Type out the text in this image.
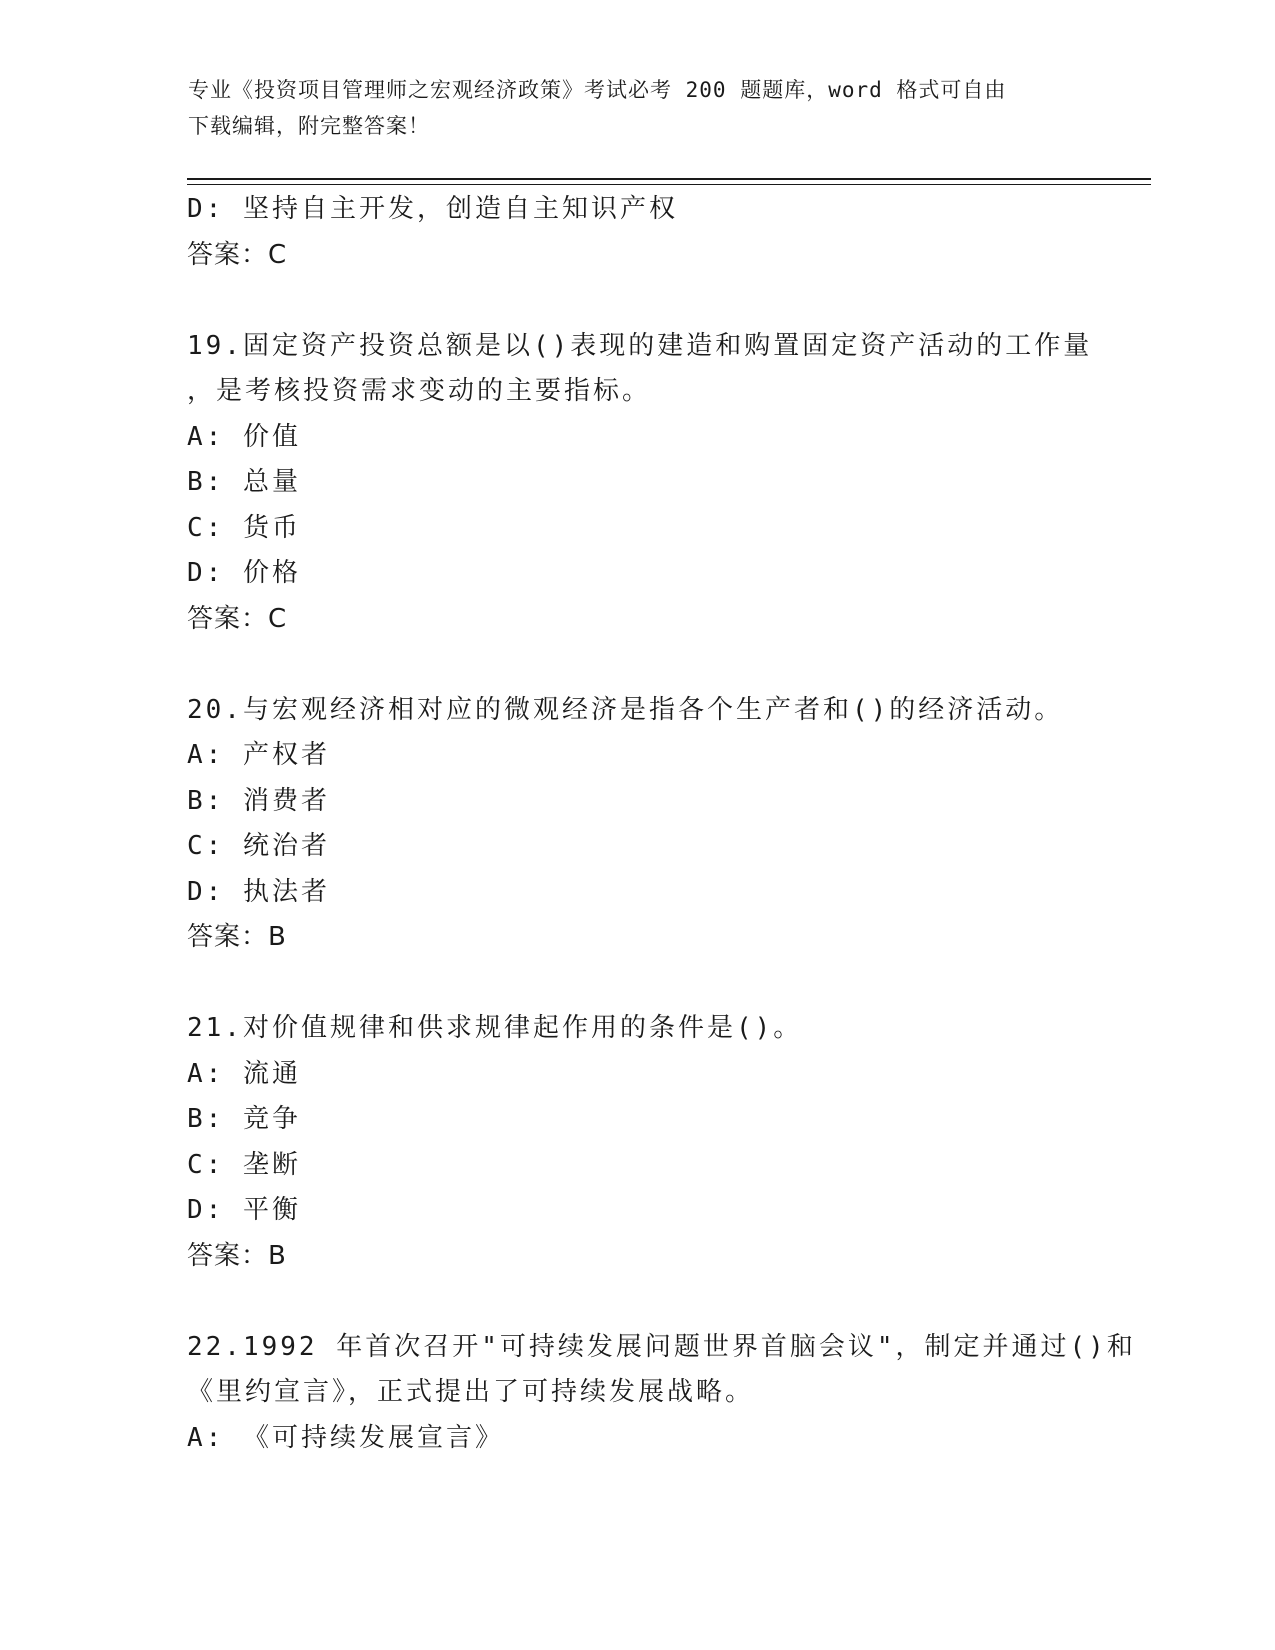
专业《投资项目管理师之宏观经济政策》考试必考 200 题题库，word 格式可自由
下载编辑，附完整答案！
D: 坚持自主开发，创造自主知识产权
答案：C
19.固定资产投资总额是以()表现的建造和购置固定资产活动的工作量
，是考核投资需求变动的主要指标。
A: 价值
B: 总量
C: 货币
D: 价格
答案：C
20.与宏观经济相对应的微观经济是指各个生产者和()的经济活动。
A: 产权者
B: 消费者
C: 统治者
D: 执法者
答案：B
21.对价值规律和供求规律起作用的条件是()。
A: 流通
B: 竞争
C: 垄断
D: 平衡
答案：B
22.1992 年首次召开"可持续发展问题世界首脑会议"，制定并通过()和
《里约宣言》，正式提出了可持续发展战略。
A: 《可持续发展宣言》
